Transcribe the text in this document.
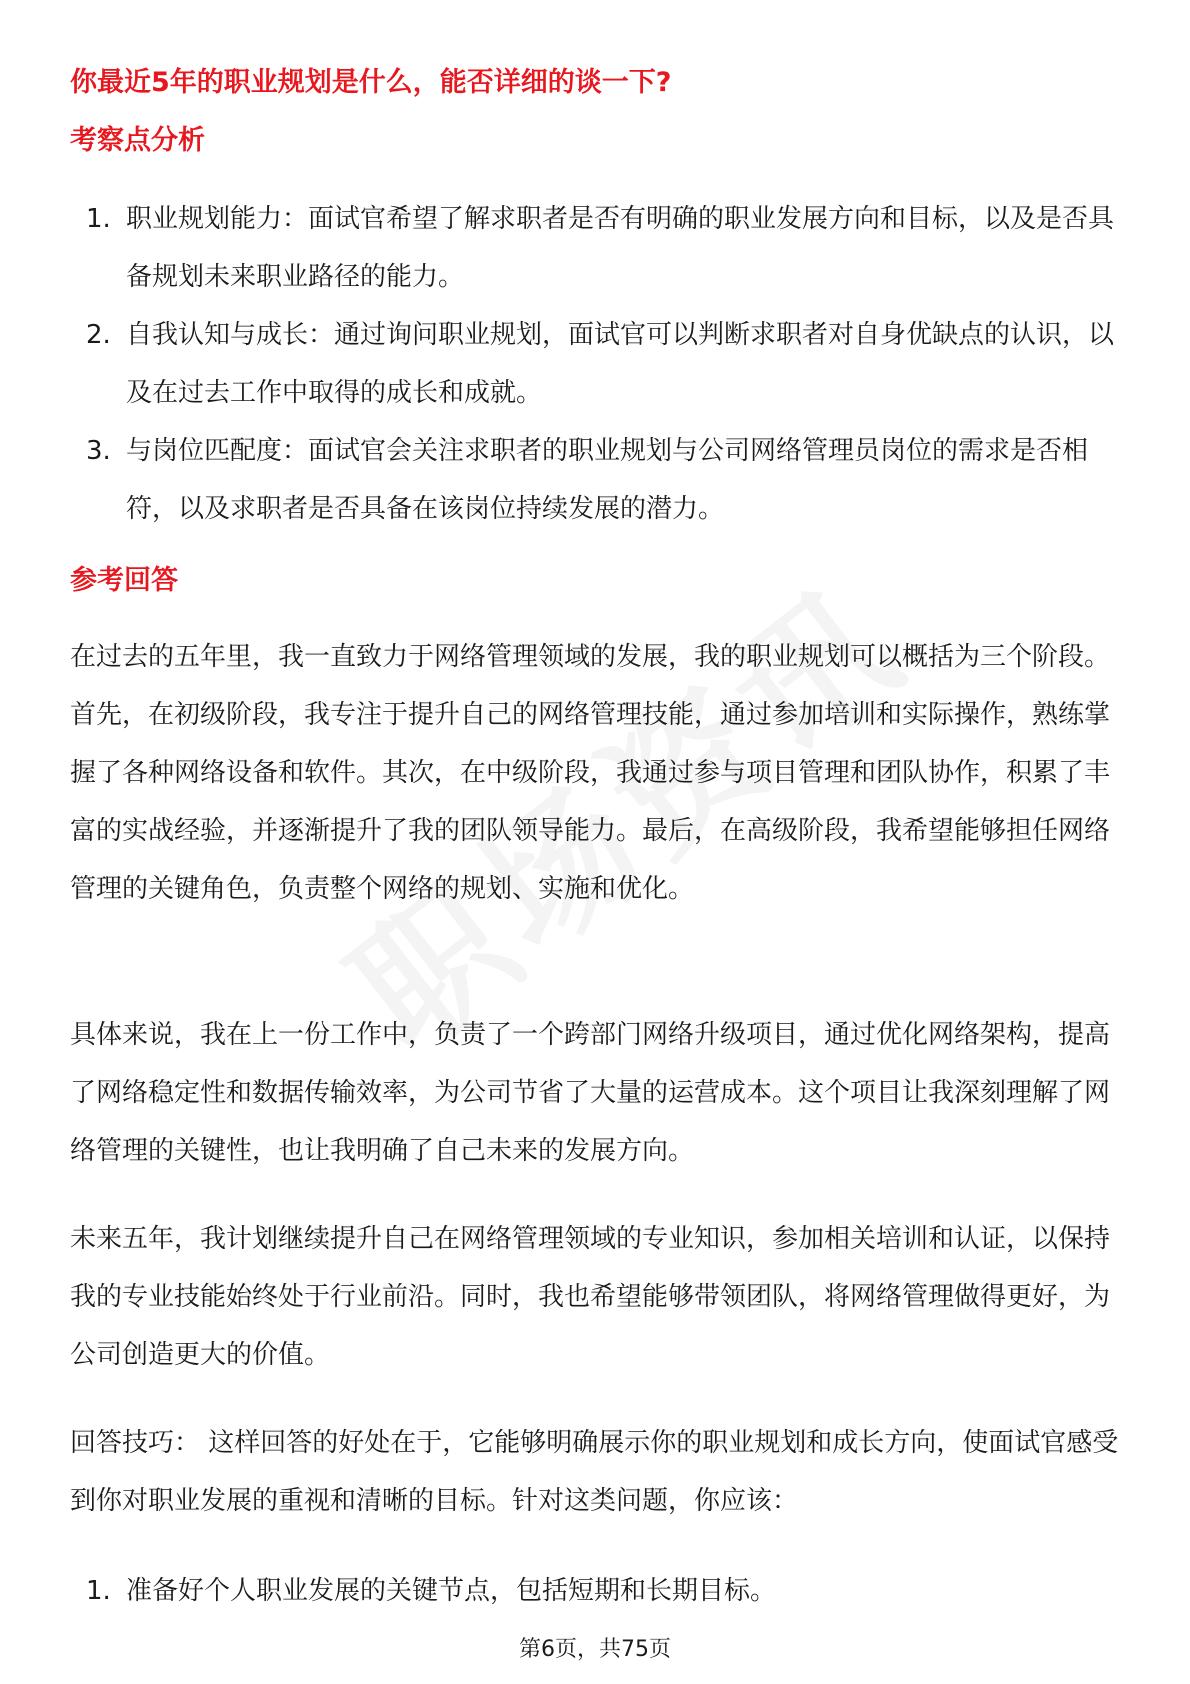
你最近5年的职业规划是什么，能否详细的谈一下?
考察点分析
1. 职业规划能力：面试官希望了解求职者是否有明确的职业发展方向和目标，以及是否具备规划未来职业路径的能力。
2. 自我认知与成长：通过询问职业规划，面试官可以判断求职者对自身优缺点的认识，以及在过去工作中取得的成长和成就。
3. 与岗位匹配度：面试官会关注求职者的职业规划与公司网络管理员岗位的需求是否相符，以及求职者是否具备在该岗位持续发展的潜力。
参考回答

在过去的五年里，我一直致力于网络管理领域的发展，我的职业规划可以概括为三个阶段。首先，在初级阶段，我专注于提升自己的网络管理技能，通过参加培训和实际操作，熟练掌握了各种网络设备和软件。其次，在中级阶段，我通过参与项目管理和团队协作，积累了丰富的实战经验，并逐渐提升了我的团队领导能力。最后，在高级阶段，我希望能够担任网络管理的关键角色，负责整个网络的规划、实施和优化。

具体来说，我在上一份工作中，负责了一个跨部门网络升级项目，通过优化网络架构，提高了网络稳定性和数据传输效率，为公司节省了大量的运营成本。这个项目让我深刻理解了网络管理的关键性，也让我明确了自己未来的发展方向。

未来五年，我计划继续提升自己在网络管理领域的专业知识，参加相关培训和认证，以保持我的专业技能始终处于行业前沿。同时，我也希望能够带领团队，将网络管理做得更好，为公司创造更大的价值。

回答技巧： 这样回答的好处在于，它能够明确展示你的职业规划和成长方向，使面试官感受到你对职业发展的重视和清晰的目标。针对这类问题，你应该：

1. 准备好个人职业发展的关键节点，包括短期和长期目标。
第6页，共75页
